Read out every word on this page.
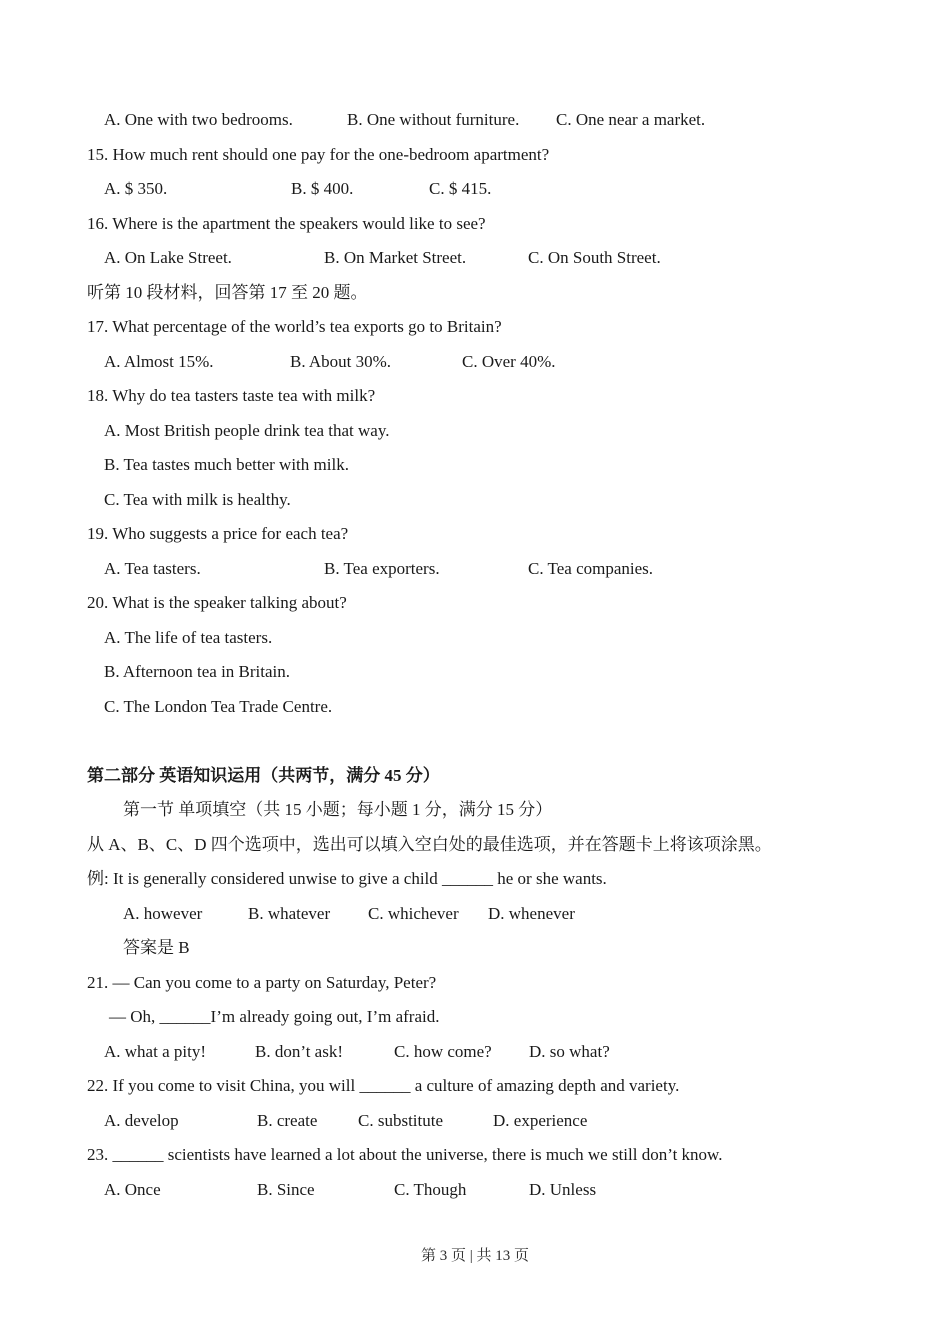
A. One with two bedrooms.	B. One without furniture. C. One near a market.

15. How much rent should one pay for the one-bedroom apartment?

A. $ 350.	B. $ 400.	C. $ 415.

16. Where is the apartment the speakers would like to see?

A. On Lake Street.	B. On Market Street.	C. On South Street.

听第 10 段材料，回答第 17 至 20 题。

17. What percentage of the world’s tea exports go to Britain?

A. Almost 15%.	B. About 30%.	C. Over 40%.

18. Why do tea tasters taste tea with milk?

A. Most British people drink tea that way.

B. Tea tastes much better with milk.

C. Tea with milk is healthy.

19. Who suggests a price for each tea?

A. Tea tasters.	B. Tea exporters.	C. Tea companies.

20. What is the speaker talking about?

A. The life of tea tasters.

B. Afternoon tea in Britain.

C. The London Tea Trade Centre.

第二部分 英语知识运用（共两节，满分 45 分）

第一节 单项填空（共 15 小题；每小题 1 分，满分 15 分）

从 A、B、C、D 四个选项中，选出可以填入空白处的最佳选项，并在答题卡上将该项涂黑。

例: It is generally considered unwise to give a child ______ he or she wants.

A. however	B. whatever C. whichever D. whenever

答案是 B

21. — Can you come to a party on Saturday, Peter?

— Oh, ______I’m already going out, I’m afraid.

A. what a pity!	B. don’t ask!	C. how come? D. so what?

22. If you come to visit China, you will ______ a culture of amazing depth and variety.

A. develop	B. create C. substitute	D. experience

23. ______ scientists have learned a lot about the universe, there is much we still don’t know.

A. Once	B. Since	C. Though	D. Unless

第 3 页 | 共 13 页
